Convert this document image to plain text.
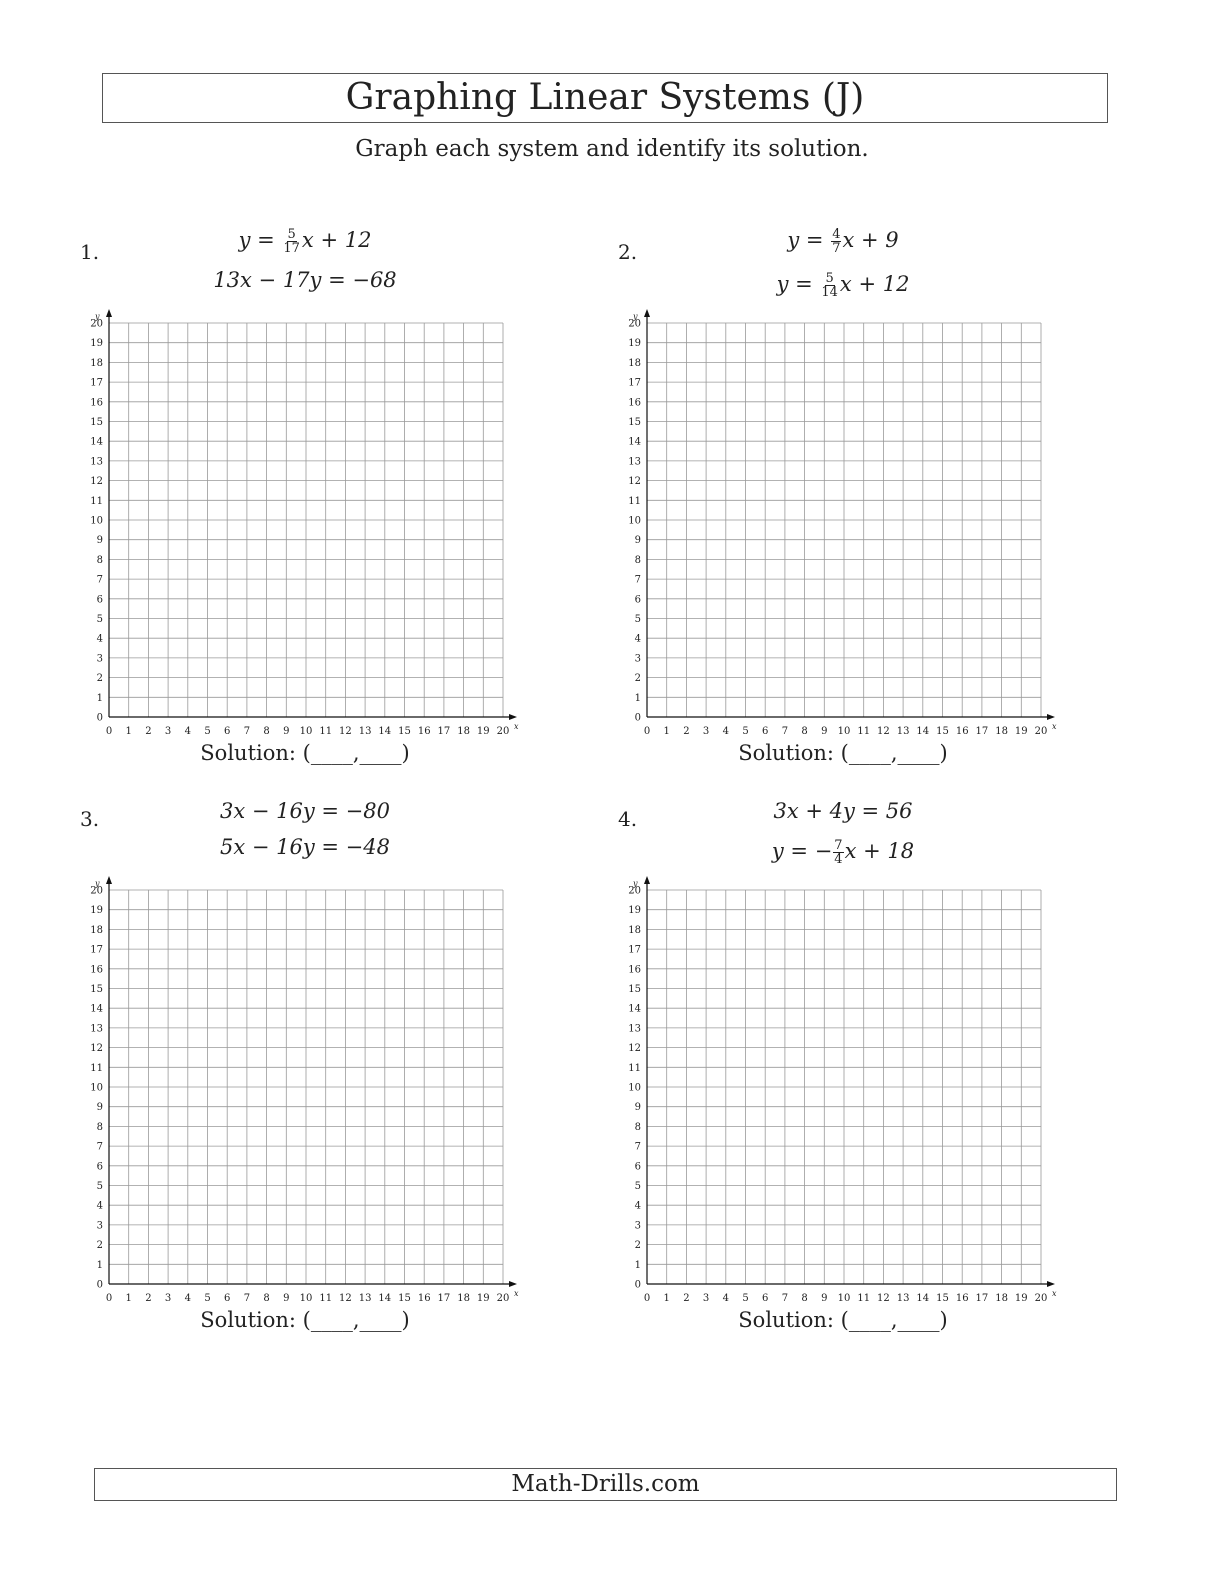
Graphing Linear Systems (J)
Graph each system and identify its solution.
1.	$y = \frac{5}{17}$ x + 12
13x − 17y = −68
0 1 2 3 4 5 6 7 8 9 10 11 12 13 14 15 16 17 18 19 20
0
1
2
3
4
5
6
7
8
9
10
11
12
13
14
15
16
17
18
19
20
x
y
Solution: (____,____)
2.	$y = \frac{4}{7}$ x + 9
$y = \frac{5}{14}$ x + 12
0 1 2 3 4 5 6 7 8 9 10 11 12 13 14 15 16 17 18 19 20
0
1
2
3
4
5
6
7
8
9
10
11
12
13
14
15
16
17
18
19
20
x
y
Solution: (____,____)
3.	3x − 16y = −80
5x − 16y = −48
0 1 2 3 4 5 6 7 8 9 10 11 12 13 14 15 16 17 18 19 20
0
1
2
3
4
5
6
7
8
9
10
11
12
13
14
15
16
17
18
19
20
x
y
Solution: (____,____)
4.	3x + 4y = 56
y = − $\frac{7}{4}$ x + 18
0 1 2 3 4 5 6 7 8 9 10 11 12 13 14 15 16 17 18 19 20
0
1
2
3
4
5
6
7
8
9
10
11
12
13
14
15
16
17
18
19
20
x
y
Solution: (____,____)
Math-Drills.com
